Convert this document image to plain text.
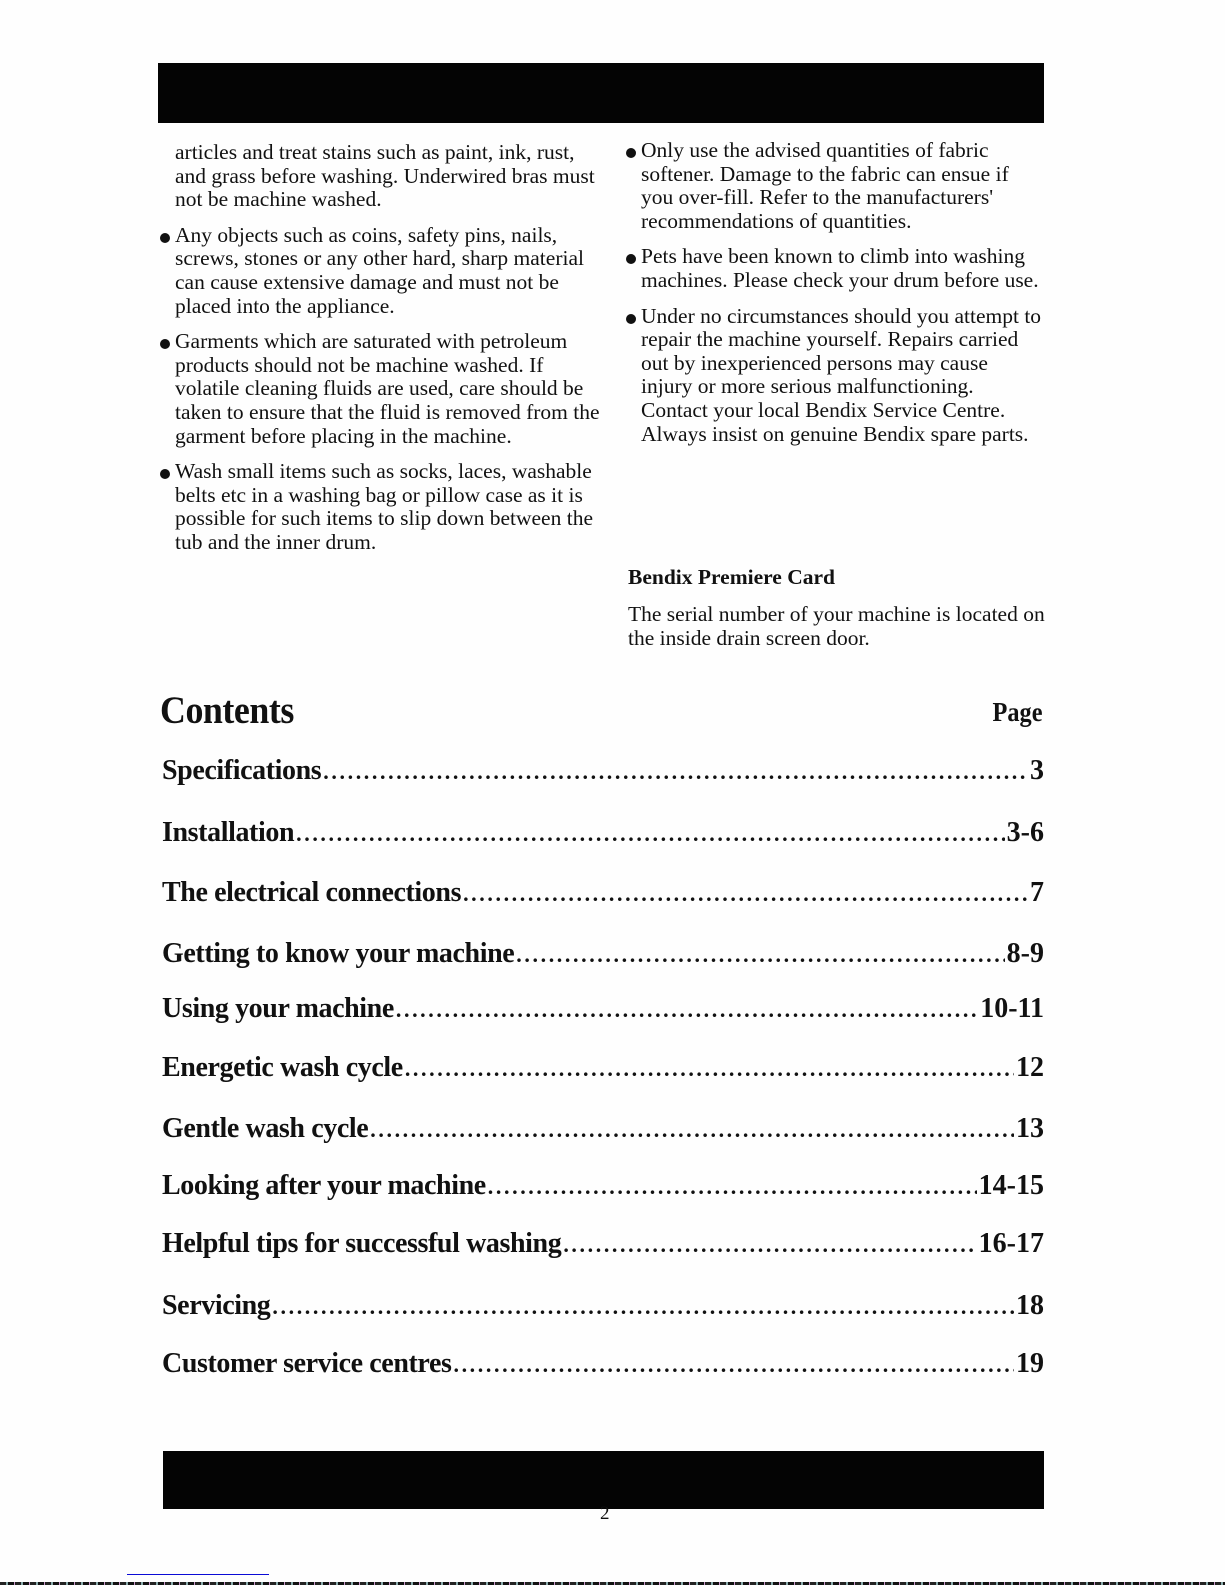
articles and treat stains such as paint, ink, rust, and grass before washing. Underwired bras must not be machine washed.

Any objects such as coins, safety pins, nails, screws, stones or any other hard, sharp material can cause extensive damage and must not be placed into the appliance.

Garments which are saturated with petroleum products should not be machine washed. If volatile cleaning fluids are used, care should be taken to ensure that the fluid is removed from the garment before placing in the machine.

Wash small items such as socks, laces, washable belts etc in a washing bag or pillow case as it is possible for such items to slip down between the tub and the inner drum.

Only use the advised quantities of fabric softener. Damage to the fabric can ensue if you over-fill. Refer to the manufacturers' recommendations of quantities.

Pets have been known to climb into washing machines. Please check your drum before use.

Under no circumstances should you attempt to repair the machine yourself. Repairs carried out by inexperienced persons may cause injury or more serious malfunctioning. Contact your local Bendix Service Centre. Always insist on genuine Bendix spare parts.

Bendix Premiere Card

The serial number of your machine is located on the inside drain screen door.

Contents	Page
Specifications .....	3
Installation .....	3-6
The electrical connections .....	7
Getting to know your machine .....	8-9
Using your machine .....	10-11
Energetic wash cycle .....	12
Gentle wash cycle .....	13
Looking after your machine .....	14-15
Helpful tips for successful washing .....	16-17
Servicing .....	18
Customer service centres .....	19
2
